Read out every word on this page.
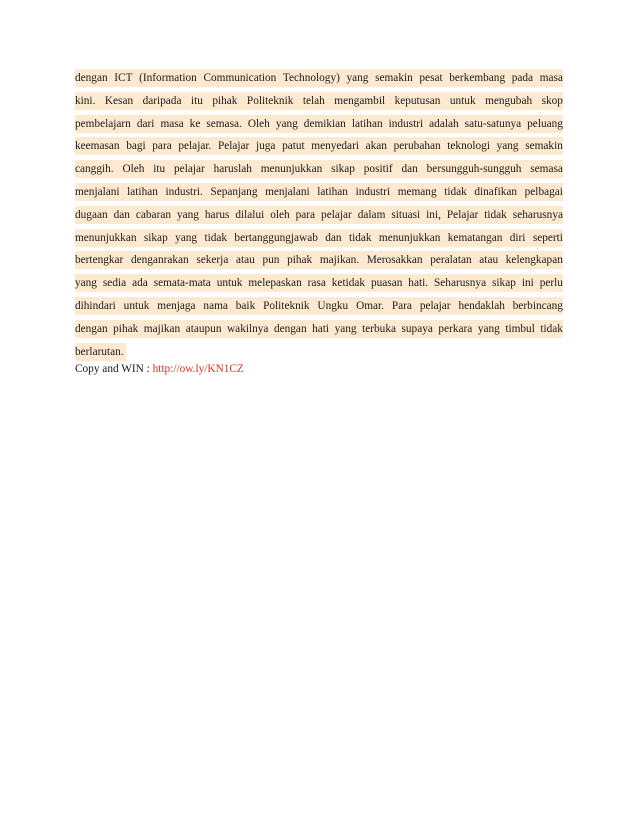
dengan ICT (Information Communication Technology) yang semakin pesat berkembang pada masa
kini. Kesan daripada itu pihak Politeknik telah mengambil keputusan untuk mengubah skop
pembelajarn dari masa ke semasa. Oleh yang demikian latihan industri adalah satu-satunya peluang
keemasan bagi para pelajar. Pelajar juga patut menyedari akan perubahan teknologi yang semakin
canggih. Oleh itu pelajar haruslah menunjukkan sikap positif dan bersungguh-sungguh semasa
menjalani latihan industri. Sepanjang menjalani latihan industri memang tidak dinafikan pelbagai
dugaan dan cabaran yang harus dilalui oleh para pelajar dalam situasi ini, Pelajar tidak seharusnya
menunjukkan sikap yang tidak bertanggungjawab dan tidak menunjukkan kematangan diri seperti
bertengkar denganrakan sekerja atau pun pihak majikan. Merosakkan peralatan atau kelengkapan
yang sedia ada semata-mata untuk melepaskan rasa ketidak puasan hati. Seharusnya sikap ini perlu
dihindari untuk menjaga nama baik Politeknik Ungku Omar. Para pelajar hendaklah berbincang
dengan pihak majikan ataupun wakilnya dengan hati yang terbuka supaya perkara yang timbul tidak
berlarutan.
Copy and WIN : http://ow.ly/KN1CZ
